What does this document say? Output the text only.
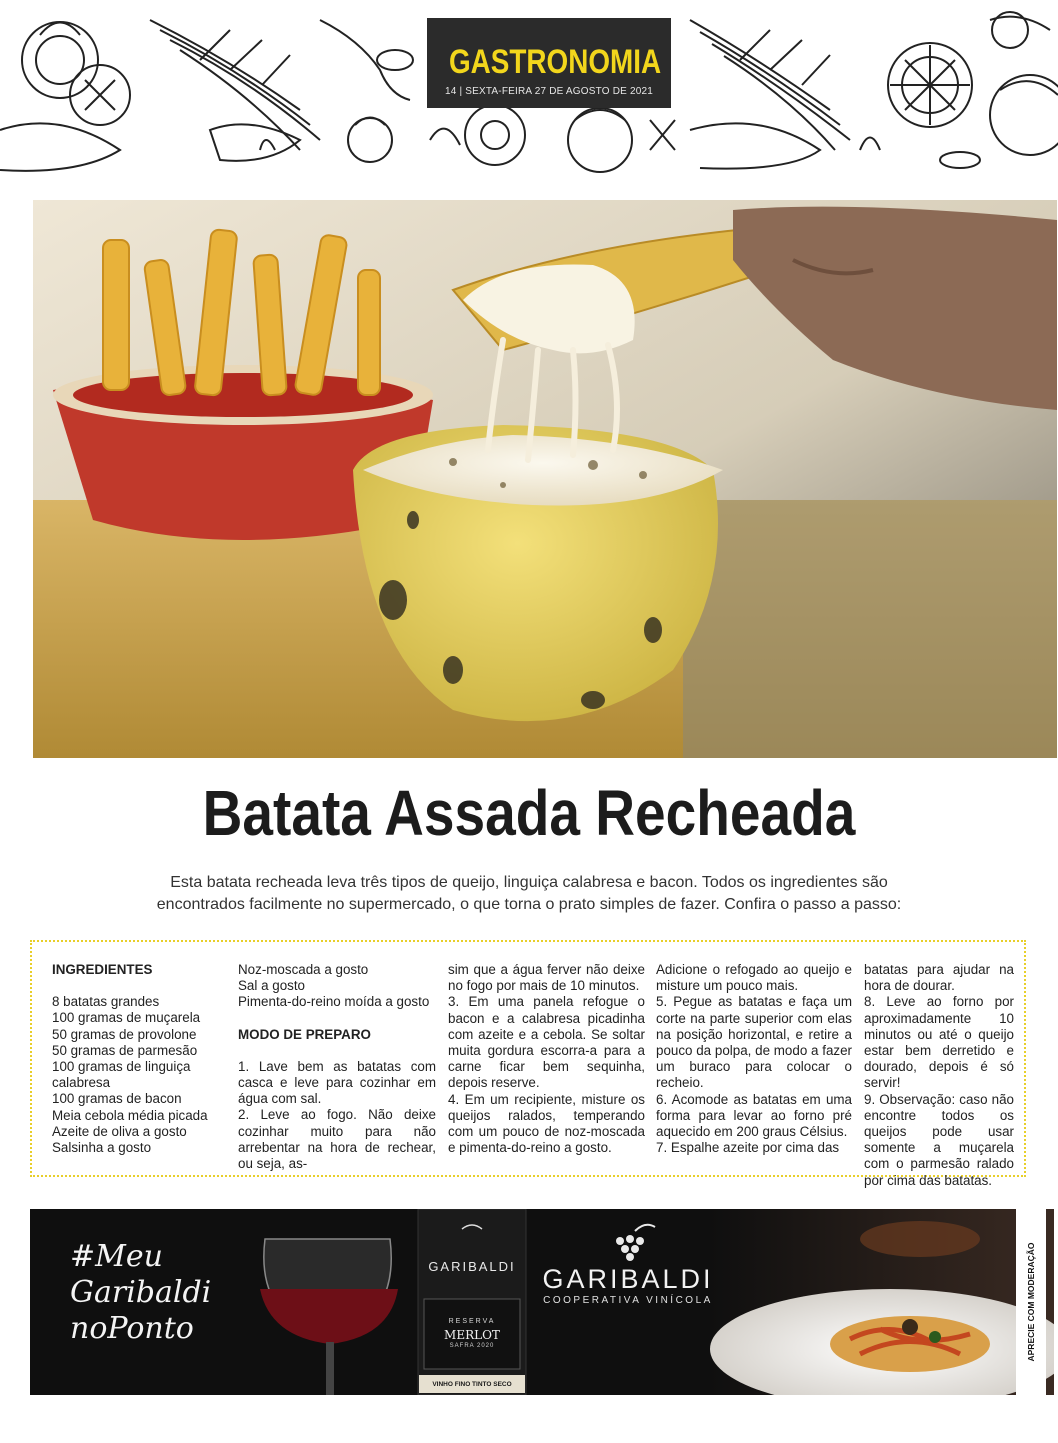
GASTRONOMIA
14 | SEXTA-FEIRA 27 DE AGOSTO DE 2021
Batata Assada Recheada
Esta batata recheada leva três tipos de queijo, linguiça calabresa e bacon. Todos os ingredientes são encontrados facilmente no supermercado, o que torna o prato simples de fazer. Confira o passo a passo:

INGREDIENTES

8 batatas grandes

100 gramas de muçarela

50 gramas de provolone

50 gramas de parmesão

100 gramas de linguiça calabresa

100 gramas de bacon

Meia cebola média picada

Azeite de oliva a gosto

Salsinha a gosto

Noz-moscada a gosto

Sal a gosto

Pimenta-do-reino moída a gosto

MODO DE PREPARO

1. Lave bem as batatas com casca e leve para cozinhar em água com sal.

2. Leve ao fogo. Não deixe cozinhar muito para não arrebentar na hora de rechear, ou seja, as-

sim que a água ferver não deixe no fogo por mais de 10 minutos.

3. Em uma panela refogue o bacon e a calabresa picadinha com azeite e a cebola. Se soltar muita gordura escorra-a para a carne ficar bem sequinha, depois reserve.

4. Em um recipiente, misture os queijos ralados, temperando com um pouco de noz-moscada e pimenta-do-reino a gosto.

Adicione o refogado ao queijo e misture um pouco mais.

5. Pegue as batatas e faça um corte na parte superior com elas na posição horizontal, e retire a pouco da polpa, de modo a fazer um buraco para colocar o recheio.

6. Acomode as batatas em uma forma para levar ao forno pré aquecido em 200 graus Célsius.

7. Espalhe azeite por cima das

batatas para ajudar na hora de dourar.

8. Leve ao forno por aproximadamente 10 minutos ou até o queijo estar bem derretido e dourado, depois é só servir!

9. Observação: caso não encontre todos os queijos pode usar somente a muçarela com o parmesão ralado por cima das batatas.

#Meu
Garibaldi
noPonto
GARIBALDI
RESERVA
MERLOT
SAFRA 2020
VINHO FINO TINTO SECO
GARIBALDI
COOPERATIVA VINÍCOLA	APRECIE COM MODERAÇÃO
